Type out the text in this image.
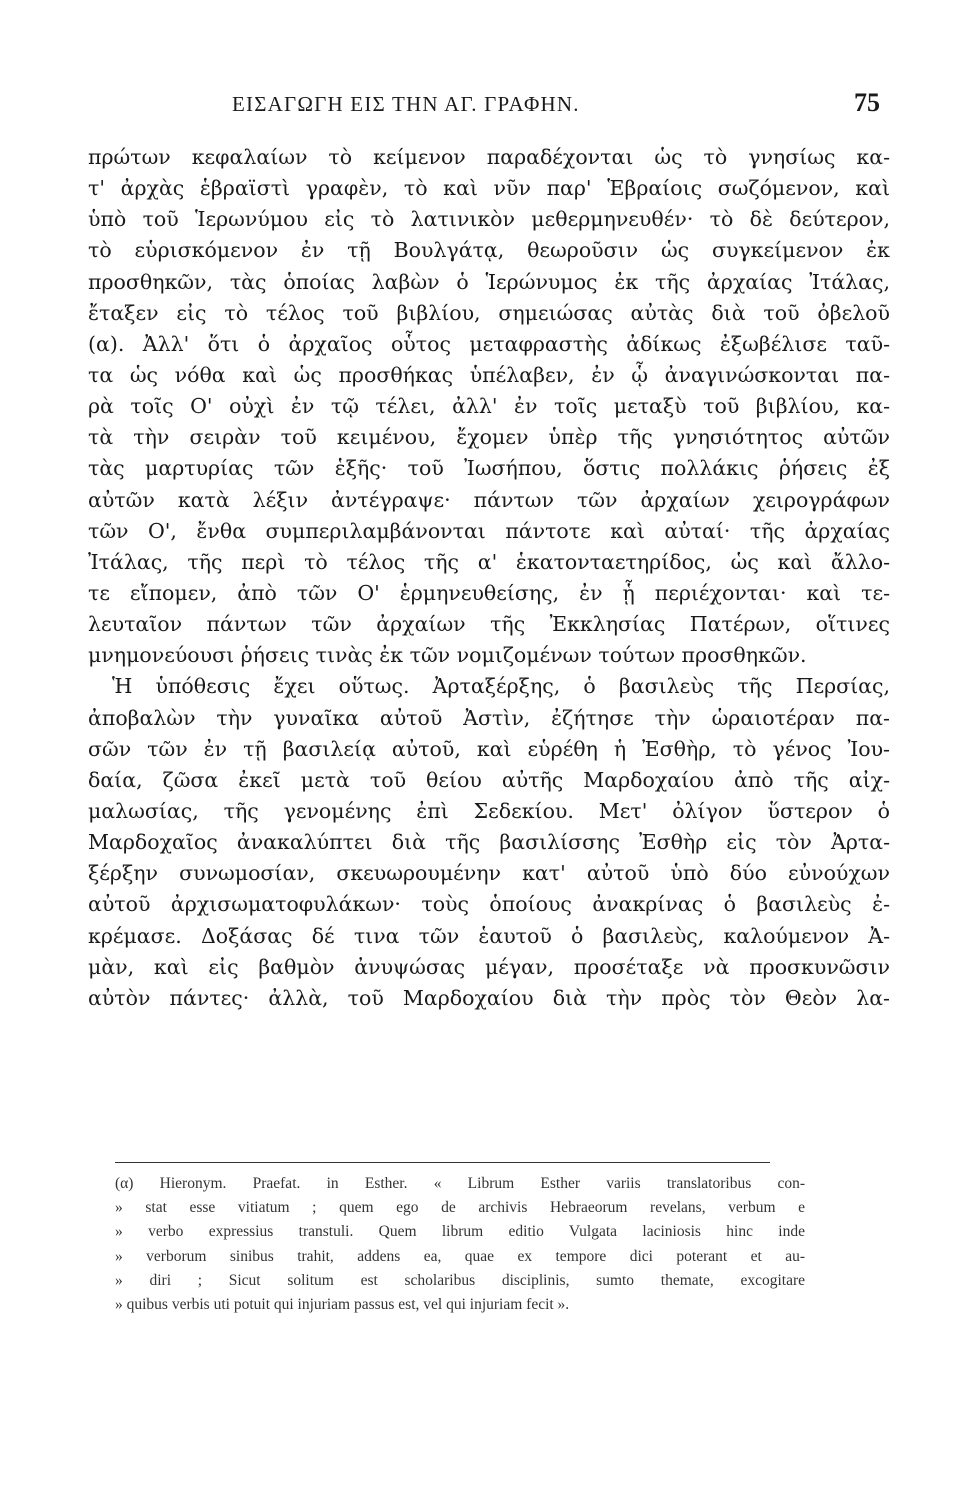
ΕΙΣΑΓΩΓΗ ΕΙΣ ΤΗΝ ΑΓ. ΓΡΑΦΗΝ.	75
πρώτων κεφαλαίων τὸ κείμενον παραδέχονται ὡς τὸ γνησίως κα-
τ' ἀρχὰς ἑβραϊστὶ γραφὲν, τὸ καὶ νῦν παρ' Ἑβραίοις σωζόμενον, καὶ
ὑπὸ τοῦ Ἱερωνύμου εἰς τὸ λατινικὸν μεθερμηνευθέν· τὸ δὲ δεύτερον,
τὸ εὑρισκόμενον ἐν τῇ Βουλγάτᾳ, θεωροῦσιν ὡς συγκείμενον ἐκ
προσθηκῶν, τὰς ὁποίας λαβὼν ὁ Ἱερώνυμος ἐκ τῆς ἀρχαίας Ἰτάλας,
ἔταξεν εἰς τὸ τέλος τοῦ βιβλίου, σημειώσας αὐτὰς διὰ τοῦ ὀβελοῦ
(α). Ἀλλ' ὅτι ὁ ἀρχαῖος οὗτος μεταφραστὴς ἀδίκως ἐξωβέλισε ταῦ-
τα ὡς νόθα καὶ ὡς προσθήκας ὑπέλαβεν, ἐν ᾧ ἀναγινώσκονται πα-
ρὰ τοῖς Ο' οὐχὶ ἐν τῷ τέλει, ἀλλ' ἐν τοῖς μεταξὺ τοῦ βιβλίου, κα-
τὰ τὴν σειρὰν τοῦ κειμένου, ἔχομεν ὑπὲρ τῆς γνησιότητος αὐτῶν
τὰς μαρτυρίας τῶν ἑξῆς· τοῦ Ἰωσήπου, ὅστις πολλάκις ῥήσεις ἐξ
αὐτῶν κατὰ λέξιν ἀντέγραψε· πάντων τῶν ἀρχαίων χειρογράφων
τῶν Ο', ἔνθα συμπεριλαμβάνονται πάντοτε καὶ αὐταί· τῆς ἀρχαίας
Ἰτάλας, τῆς περὶ τὸ τέλος τῆς α' ἑκατονταετηρίδος, ὡς καὶ ἄλλο-
τε εἴπομεν, ἀπὸ τῶν Ο' ἑρμηνευθείσης, ἐν ᾗ περιέχονται· καὶ τε-
λευταῖον πάντων τῶν ἀρχαίων τῆς Ἐκκλησίας Πατέρων, οἵτινες
μνημονεύουσι ῥήσεις τινὰς ἐκ τῶν νομιζομένων τούτων προσθηκῶν.
Ἡ ὑπόθεσις ἔχει οὕτως. Ἀρταξέρξης, ὁ βασιλεὺς τῆς Περσίας,
ἀποβαλὼν τὴν γυναῖκα αὐτοῦ Ἀστὶν, ἐζήτησε τὴν ὡραιοτέραν πα-
σῶν τῶν ἐν τῇ βασιλείᾳ αὐτοῦ, καὶ εὑρέθη ἡ Ἐσθὴρ, τὸ γένος Ἰου-
δαία, ζῶσα ἐκεῖ μετὰ τοῦ θείου αὐτῆς Μαρδοχαίου ἀπὸ τῆς αἰχ-
μαλωσίας, τῆς γενομένης ἐπὶ Σεδεκίου. Μετ' ὀλίγον ὕστερον ὁ
Μαρδοχαῖος ἀνακαλύπτει διὰ τῆς βασιλίσσης Ἐσθὴρ εἰς τὸν Ἀρτα-
ξέρξην συνωμοσίαν, σκευωρουμένην κατ' αὐτοῦ ὑπὸ δύο εὐνούχων
αὐτοῦ ἀρχισωματοφυλάκων· τοὺς ὁποίους ἀνακρίνας ὁ βασιλεὺς ἐ-
κρέμασε. Δοξάσας δέ τινα τῶν ἑαυτοῦ ὁ βασιλεὺς, καλούμενον Ἀ-
μὰν, καὶ εἰς βαθμὸν ἀνυψώσας μέγαν, προσέταξε νὰ προσκυνῶσιν
αὐτὸν πάντες· ἀλλὰ, τοῦ Μαρδοχαίου διὰ τὴν πρὸς τὸν Θεὸν λα-
(α) Hieronym. Praefat. in Esther. « Librum Esther variis translatoribus con-
» stat esse vitiatum ; quem ego de archivis Hebraeorum revelans, verbum e
» verbo expressius transtuli. Quem librum editio Vulgata laciniosis hinc inde
» verborum sinibus trahit, addens ea, quae ex tempore dici poterant et au-
» diri ; Sicut solitum est scholaribus disciplinis, sumto themate, excogitare
» quibus verbis uti potuit qui injuriam passus est, vel qui injuriam fecit ».
